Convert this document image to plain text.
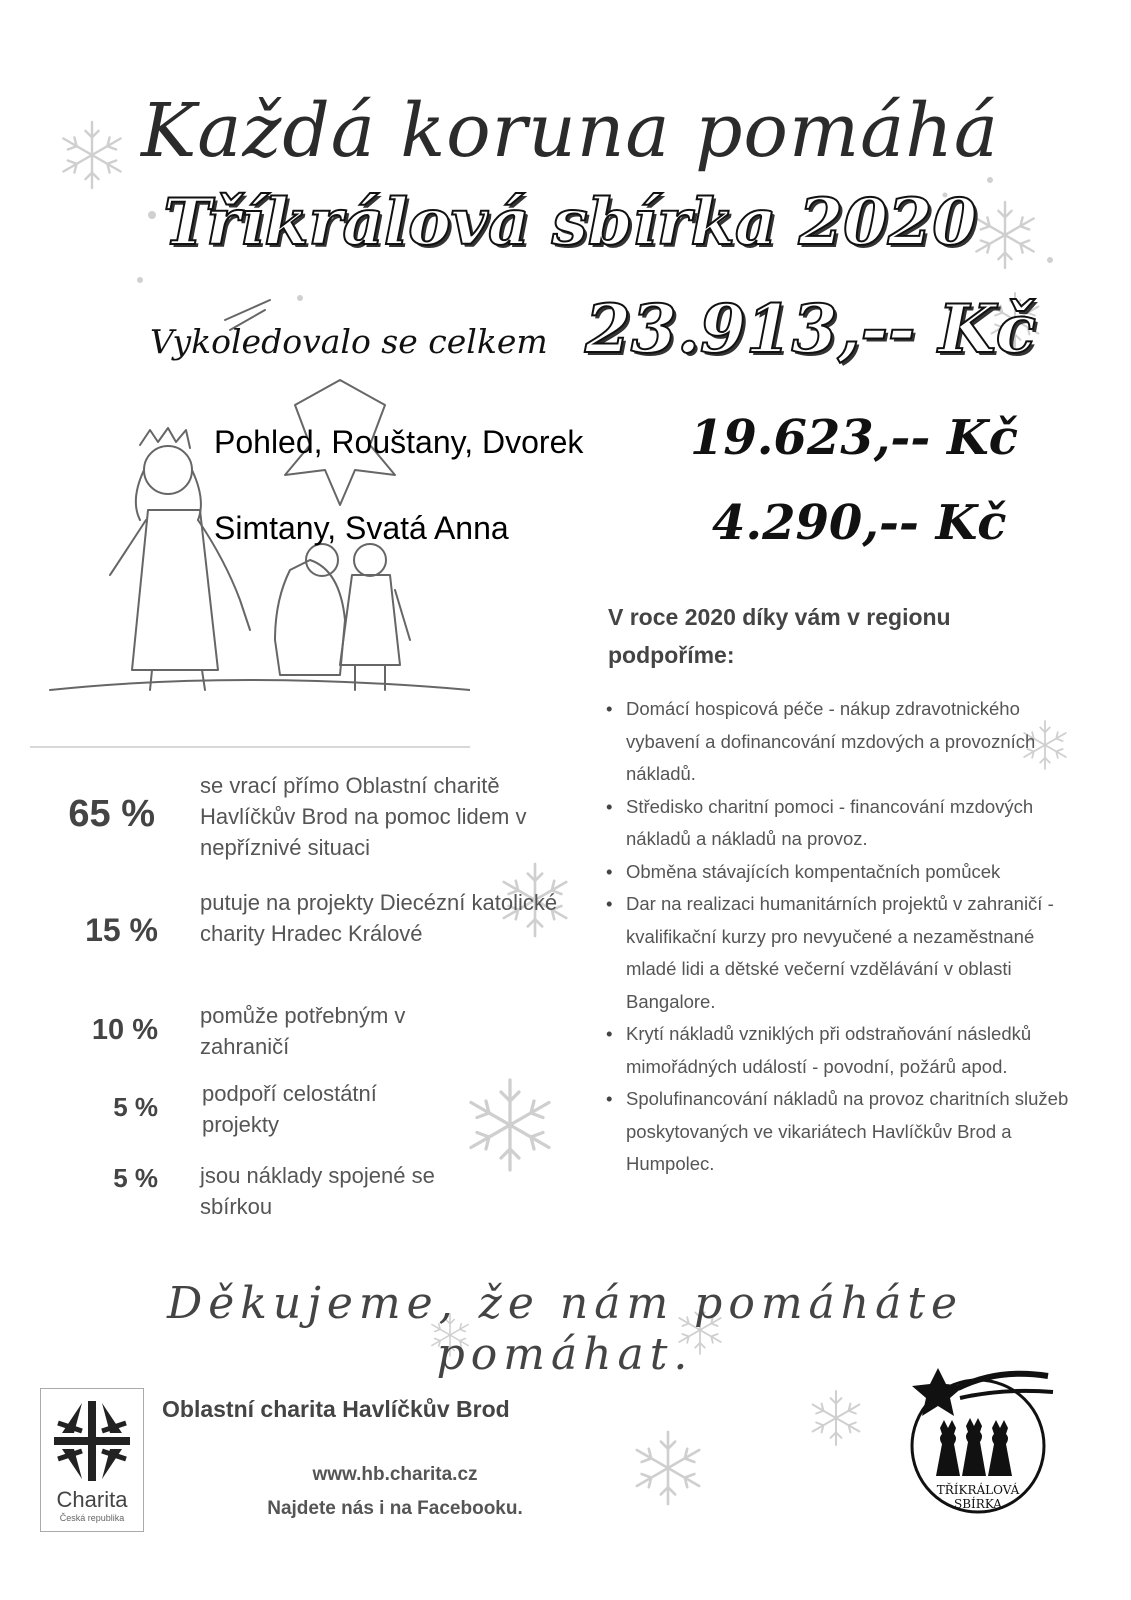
Každá koruna pomáhá
Tříkrálová sbírka 2020
Vykoledovalo se celkem 23.913,-- Kč
Pohled, Rouštany, Dvorek 19.623,-- Kč
Simtany, Svatá Anna	4.290,-- Kč
V roce 2020 díky vám v regionu podpoříme:
• Domácí hospicová péče - nákup zdravotnického vybavení a dofinancování mzdových a provozních nákladů.
• Středisko charitní pomoci - financování mzdových nákladů a nákladů na provoz.
• Obměna stávajících kompentačních pomůcek
• Dar na realizaci humanitárních projektů v zahraničí - kvalifikační kurzy pro nevyučené a nezaměstnané mladé lidi a dětské večerní vzdělávání v oblasti Bangalore.
• Krytí nákladů vzniklých při odstraňování následků mimořádných událostí - povodní, požárů apod.
• Spolufinancování nákladů na provoz charitních služeb poskytovaných ve vikariátech Havlíčkův Brod a Humpolec.
65 %
se vrací přímo Oblastní charitě Havlíčkův Brod na pomoc lidem v nepříznivé situaci
15 %
putuje na projekty Diecézní katolické charity Hradec Králové
10 % pomůže potřebným v zahraničí
5 % podpoří celostátní projekty
5 % jsou náklady spojené se sbírkou
Děkujeme, že nám pomáháte pomáhat.
Charita
Česká republika
Oblastní charita Havlíčkův Brod
www.hb.charita.cz
Najdete nás i na Facebooku.
TŘÍKRÁLOVÁ
SBÍRKA
